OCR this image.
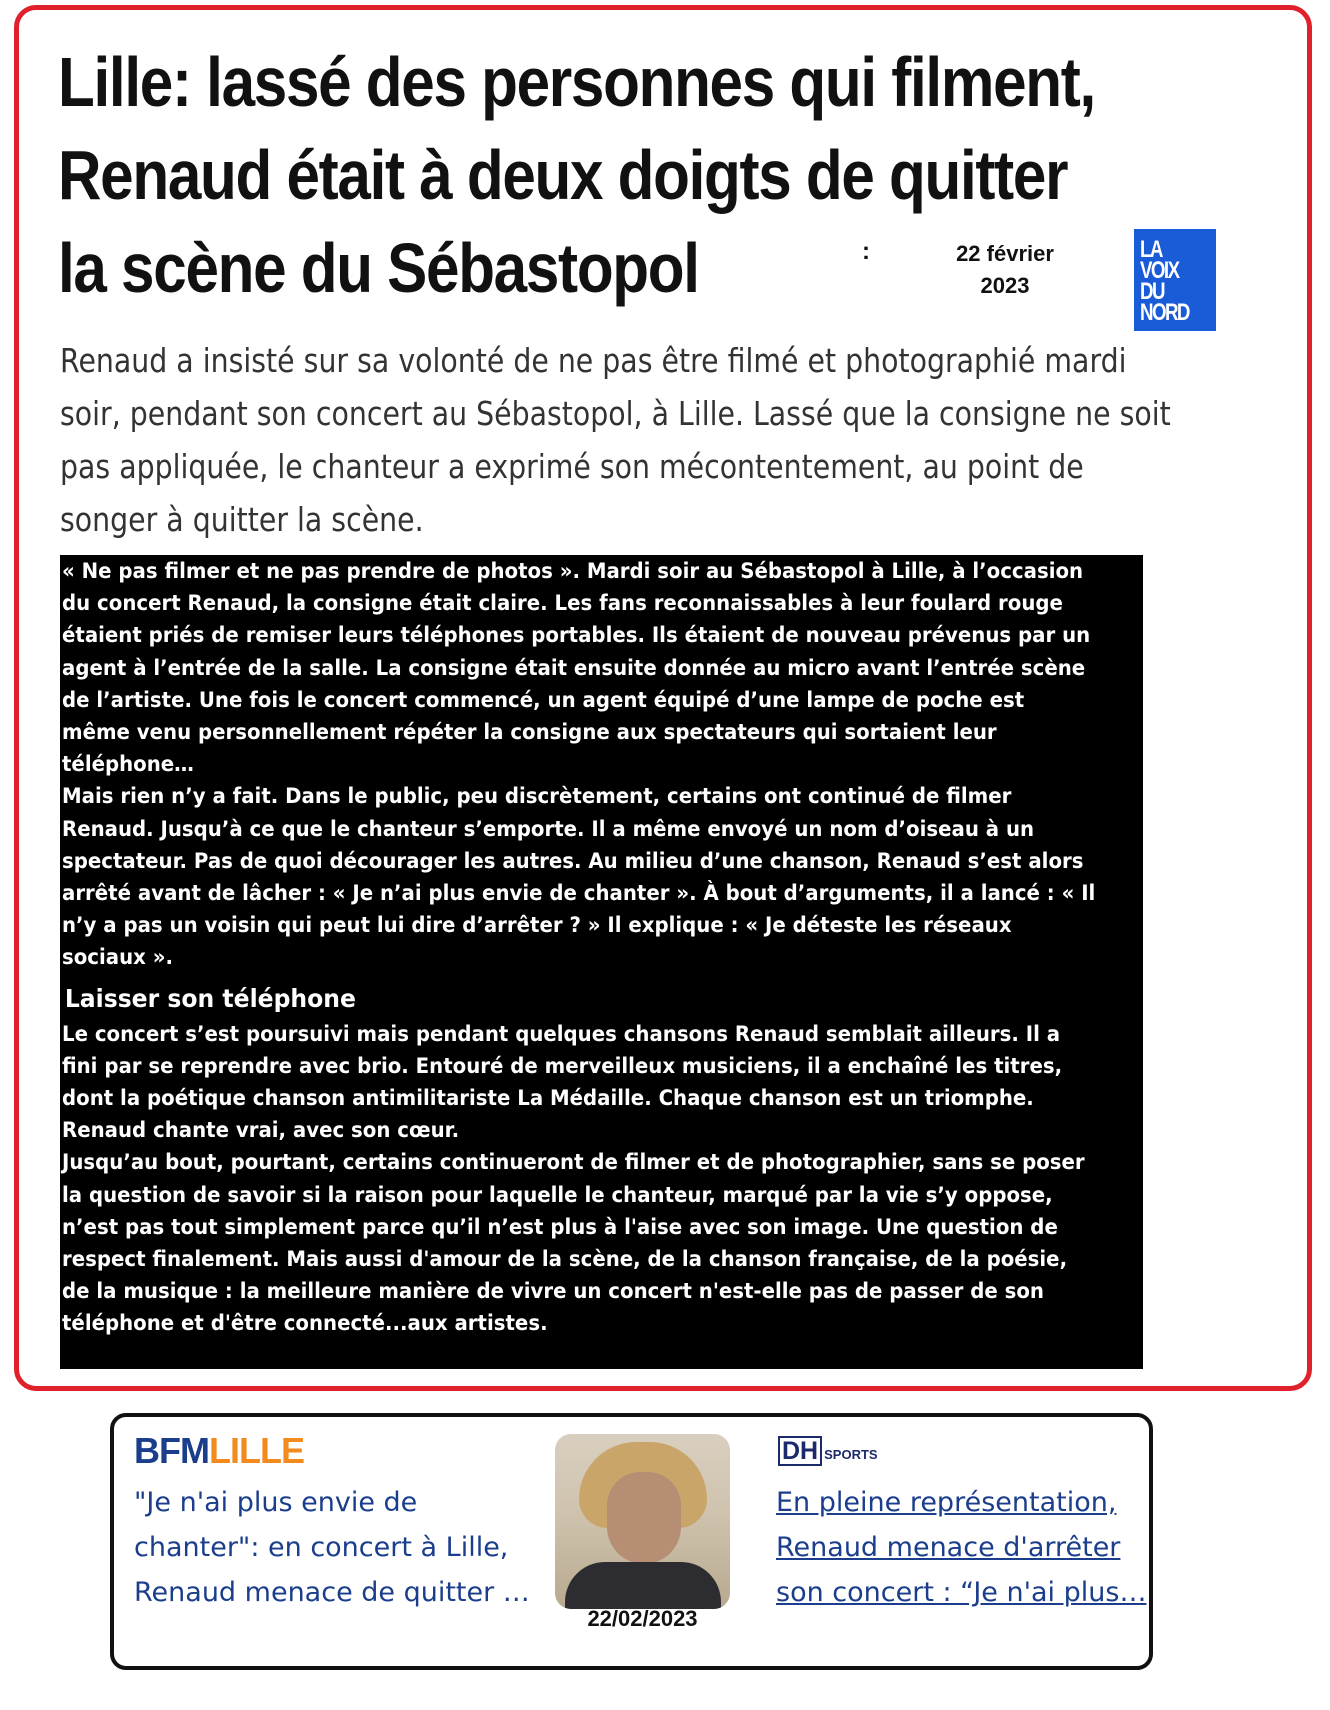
Lille: lassé des personnes qui filment,
Renaud était à deux doigts de quitter
la scène du Sébastopol	:	22 février
2023
LA
VOIX
DU
NORD

Renaud a insisté sur sa volonté de ne pas être filmé et photographié mardi soir, pendant son concert au Sébastopol, à Lille. Lassé que la consigne ne soit pas appliquée, le chanteur a exprimé son mécontentement, au point de songer à quitter la scène.

« Ne pas filmer et ne pas prendre de photos ». Mardi soir au Sébastopol à Lille, à l’occasion du concert Renaud, la consigne était claire. Les fans reconnaissables à leur foulard rouge étaient priés de remiser leurs téléphones portables. Ils étaient de nouveau prévenus par un agent à l’entrée de la salle. La consigne était ensuite donnée au micro avant l’entrée scène de l’artiste. Une fois le concert commencé, un agent équipé d’une lampe de poche est même venu personnellement répéter la consigne aux spectateurs qui sortaient leur téléphone…

Mais rien n’y a fait. Dans le public, peu discrètement, certains ont continué de filmer Renaud. Jusqu’à ce que le chanteur s’emporte. Il a même envoyé un nom d’oiseau à un spectateur. Pas de quoi décourager les autres. Au milieu d’une chanson, Renaud s’est alors arrêté avant de lâcher : « Je n’ai plus envie de chanter ». À bout d’arguments, il a lancé : « Il n’y a pas un voisin qui peut lui dire d’arrêter ? » Il explique : « Je déteste les réseaux sociaux ».

Laisser son téléphone

Le concert s’est poursuivi mais pendant quelques chansons Renaud semblait ailleurs. Il a fini par se reprendre avec brio. Entouré de merveilleux musiciens, il a enchaîné les titres, dont la poétique chanson antimilitariste La Médaille. Chaque chanson est un triomphe. Renaud chante vrai, avec son cœur.

Jusqu’au bout, pourtant, certains continueront de filmer et de photographier, sans se poser la question de savoir si la raison pour laquelle le chanteur, marqué par la vie s’y oppose, n’est pas tout simplement parce qu’il n’est plus à l'aise avec son image. Une question de respect finalement. Mais aussi d'amour de la scène, de la chanson française, de la poésie, de la musique : la meilleure manière de vivre un concert n'est-elle pas de passer de son téléphone et d'être connecté...aux artistes.

BFMLILLE
"Je n'ai plus envie de
chanter": en concert à Lille,
Renaud menace de quitter …
22/02/2023
DH SPORTS
En pleine représentation,
Renaud menace d'arrêter
son concert : “Je n'ai plus…
